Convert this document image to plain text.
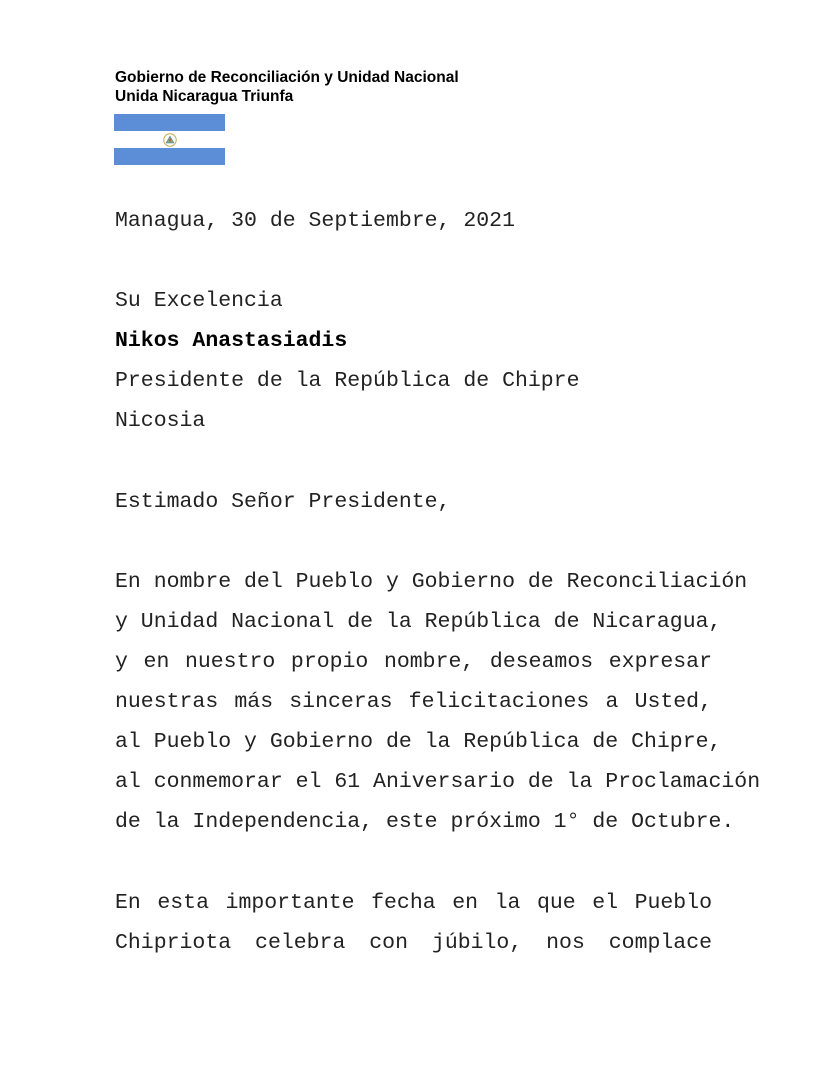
Gobierno de Reconciliación y Unidad Nacional
Unida Nicaragua Triunfa
Managua, 30 de Septiembre, 2021
Su Excelencia
Nikos Anastasiadis
Presidente de la República de Chipre
Nicosia
Estimado Señor Presidente,
En nombre del Pueblo y Gobierno de Reconciliación
y Unidad Nacional de la República de Nicaragua,
y en nuestro propio nombre, deseamos expresar
nuestras más sinceras felicitaciones a Usted,
al Pueblo y Gobierno de la República de Chipre,
al conmemorar el 61 Aniversario de la Proclamación
de la Independencia, este próximo 1° de Octubre.
En esta importante fecha en la que el Pueblo
Chipriota celebra con júbilo, nos complace
